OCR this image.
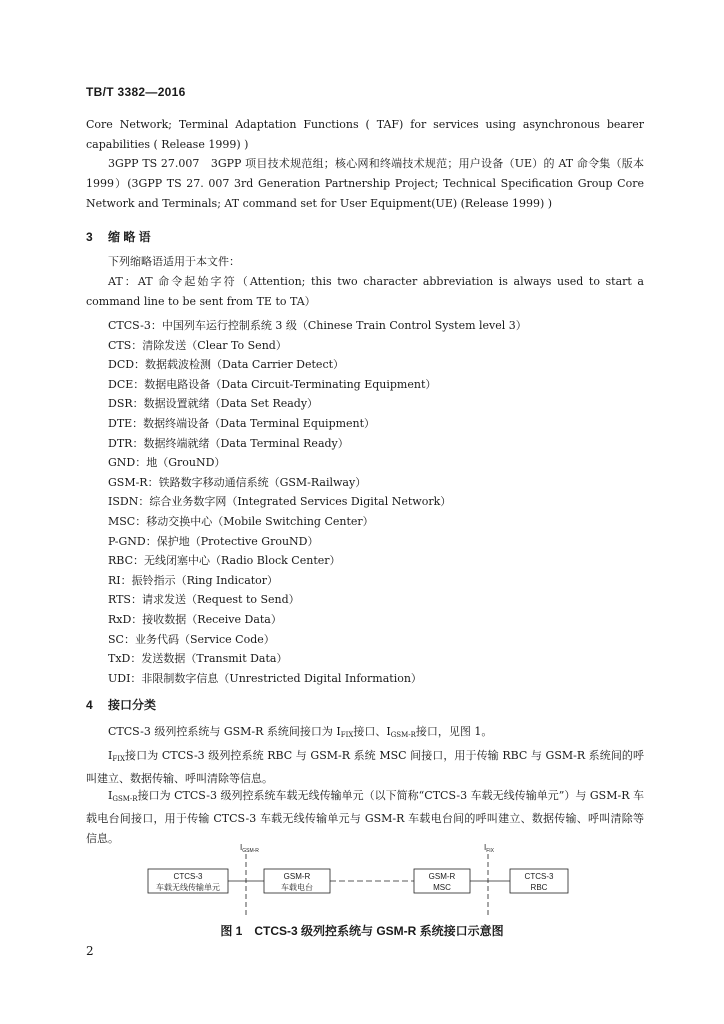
TB/T 3382—2016

Core Network; Terminal Adaptation Functions ( TAF) for services using asynchronous bearer capabilities ( Release 1999) )

3GPP TS 27.007　3GPP 项目技术规范组；核心网和终端技术规范；用户设备（UE）的 AT 命令集（版本 1999）(3GPP TS 27. 007 3rd Generation Partnership Project; Technical Specification Group Core Network and Terminals; AT command set for User Equipment(UE) (Release 1999) )

3 缩 略 语

下列缩略语适用于本文件：

AT：AT 命令起始字符（Attention; this two character abbreviation is always used to start a command line to be sent from TE to TA）

CTCS-3：中国列车运行控制系统 3 级（Chinese Train Control System level 3）
CTS：清除发送（Clear To Send）
DCD：数据载波检测（Data Carrier Detect）
DCE：数据电路设备（Data Circuit-Terminating Equipment）
DSR：数据设置就绪（Data Set Ready）
DTE：数据终端设备（Data Terminal Equipment）
DTR：数据终端就绪（Data Terminal Ready）
GND：地（GrouND）
GSM-R：铁路数字移动通信系统（GSM-Railway）
ISDN：综合业务数字网（Integrated Services Digital Network）
MSC：移动交换中心（Mobile Switching Center）
P-GND：保护地（Protective GrouND）
RBC：无线闭塞中心（Radio Block Center）
RI：振铃指示（Ring Indicator）
RTS：请求发送（Request to Send）
RxD：接收数据（Receive Data）
SC：业务代码（Service Code）
TxD：发送数据（Transmit Data）
UDI：非限制数字信息（Unrestricted Digital Information）
4 接口分类

CTCS-3 级列控系统与 GSM-R 系统间接口为 $I_{FIX}$接口、$I_{GSM-R}$接口，见图 1。

$I_{FIX}$接口为 CTCS-3 级列控系统 RBC 与 GSM-R 系统 MSC 间接口，用于传输 RBC 与 GSM-R 系统间的呼叫建立、数据传输、呼叫清除等信息。

$I_{GSM-R}$接口为 CTCS-3 级列控系统车载无线传输单元（以下简称“CTCS-3 车载无线传输单元”）与 GSM-R 车载电台间接口，用于传输 CTCS-3 车载无线传输单元与 GSM-R 车载电台间的呼叫建立、数据传输、呼叫清除等信息。

$I_{GSM-R}$	$I_{FIX}$
CTCS-3
车载无线传输单元
GSM-R
车载电台
GSM-R
MSC
CTCS-3
RBC
图 1　CTCS-3 级列控系统与 GSM-R 系统接口示意图
2
